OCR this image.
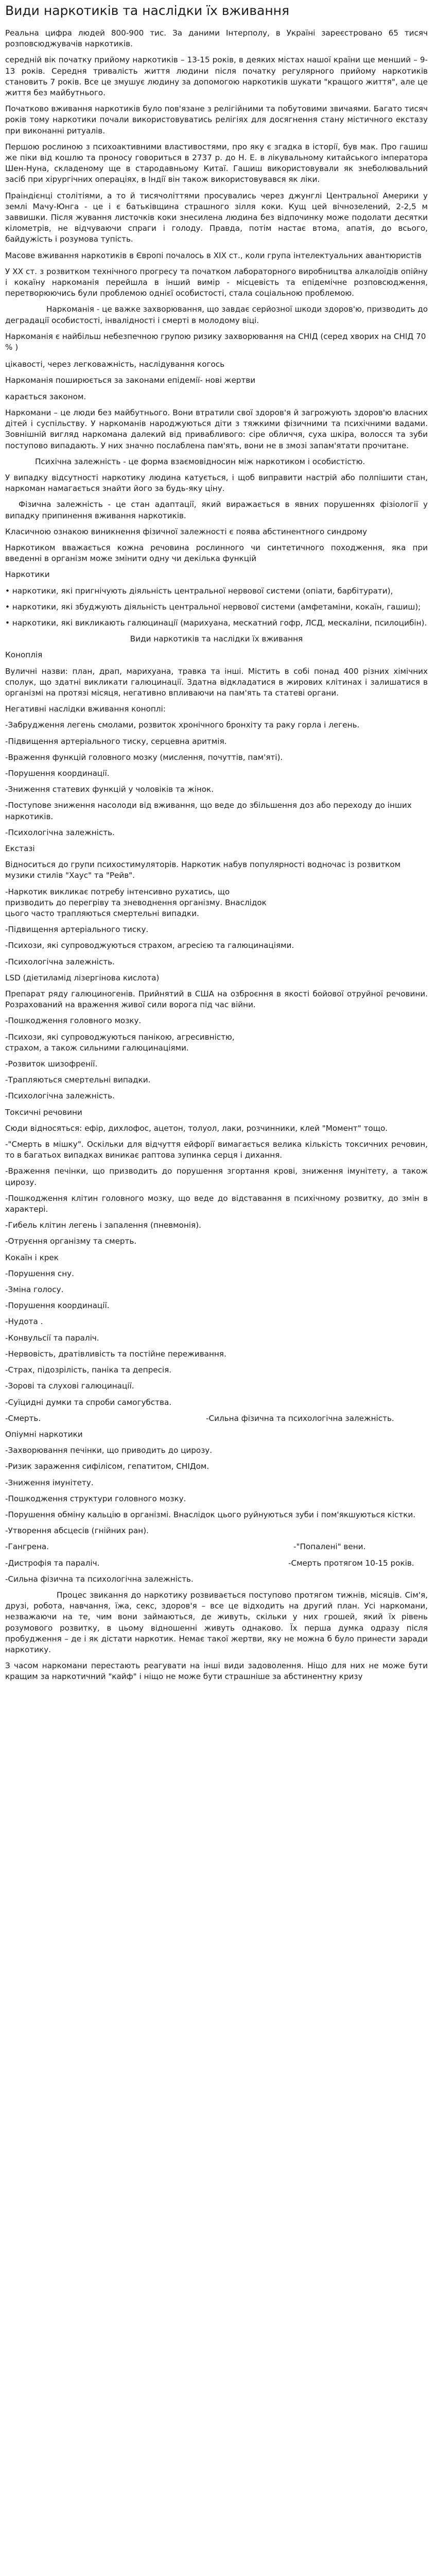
Види наркотиків та наслідки їх вживання
Реальна цифра людей 800-900 тис. За даними Інтерполу, в Україні зареєстровано 65 тисяч розповсюджувачів наркотиків.
середній вік початку прийому наркотиків – 13-15 років, в деяких містах нашої країни ще менший – 9-13 років. Середня тривалість життя людини після початку регулярного прийому наркотиків становить 7 років. Все це змушує людину за допомогою наркотиків шукати "кращого життя", але це життя без майбутнього.
Початково вживання наркотиків було пов'язане з релігійними та побутовими звичаями. Багато тисяч років тому наркотики почали використовуватись релігіях для досягнення стану містичного екстазу при виконанні ритуалів.
Першою рослиною з психоактивними властивостями, про яку є згадка в історії, був мак. Про гашиш же піки від кошлю та проносу говориться в 2737 р. до Н. Е. в лікувальному китайського імператора Шен-Нуна, складеному ще в стародавньому Китаї. Гашиш використовували як знеболювальний засіб при хірургічних операціях, в Індії він також використовувався як ліки.
Праіндієнці столітіями, а то й тисячоліттями просувались через джунглі Центральної Америки у землі Мачу-Юнга - це і є батьківщина страшного зілля коки. Кущ цей вічнозелений, 2-2,5 м заввишки. Після жування листочків коки знесилена людина без відпочинку може подолати десятки кілометрів, не відчуваючи спраги і голоду. Правда, потім настає втома, апатія, до всього, байдужість і розумова тупість.
Масове вживання наркотиків в Європі почалось в ХІХ ст., коли група інтелектуальних авантюристів
У ХХ ст. з розвитком технічного прогресу та початком лабораторного виробництва алкалоїдів опійну і кокаїну наркоманія перейшла в інший вимір - місцевість та епідемічне розповсюдження, перетворюючись були проблемою однієї особистості, стала соціальною проблемою.
Наркоманія - це важке захворювання, що завдає серйозної шкоди здоров'ю, призводить до деградації особистості, інвалідності і смерті в молодому віці.
Наркоманія є найбільш небезпечною групою ризику захворювання на СНІД (серед хворих на СНІД 70 % )
цікавості, через легковажність, наслідування когось
Наркоманія поширюється за законами епідемії- нові жертви
карається законом.
Наркомани – це люди без майбутнього. Вони втратили свої здоров'я й загрожують здоров'ю власних дітей і суспільству. У наркоманів народжуються діти з тяжкими фізичними та психічними вадами. Зовнішній вигляд наркомана далекий від привабливого: сіре обличчя, суха шкіра, волосся та зуби поступово випадають. У них значно послаблена пам'ять, вони не в змозі запам'ятати прочитане.
Психічна залежність - це форма взаємовідносин між наркотиком і особистістю.
У випадку відсутності наркотику людина катується, і щоб виправити настрій або полпішити стан, наркоман намагається знайти його за будь-яку ціну.
Фізична залежність - це стан адаптації, який виражається в явних порушеннях фізіології у випадку припинення вживання наркотиків.
Класичною ознакою виникнення фізичної залежності є поява абстинентного синдрому
Наркотиком вважається кожна речовина рослинного чи синтетичного походження, яка при введенні в організм може змінити одну чи декілька функцій
Наркотики
• наркотики, які пригнічують діяльність центральної нервової системи (опіати, барбітурати),
• наркотики, які збуджують діяльність центральної нервової системи (амфетаміни, кокаїн, гашиш);
• наркотики, які викликають галюцинації (марихуана, мескатний гофр, ЛСД, мескаліни, псилоцибін).
Види наркотиків та наслідки їх вживання
Коноплія
Вуличні назви: план, драп, марихуана, травка та інші. Містить в собі понад 400 різних хімічних сполук, що здатні викликати галюцинації. Здатна відкладатися в жирових клітинах і залишатися в організмі на протязі місяця, негативно впливаючи на пам'ять та статеві органи.
Негативні наслідки вживання коноплі:
-Забрудження легень смолами, розвиток хронічного бронхіту та раку горла і легень.
-Підвищення артеріального тиску, серцевна аритмія.
-Враження функцій головного мозку (мислення, почуттів, пам'яті).
-Порушення координації.
-Зниження статевих функцій у чоловіків та жінок.
-Поступове зниження насолоди від вживання, що веде до збільшення доз або переходу до інших наркотиків.
-Психологічна залежність.
Екстазі
Відноситься до групи психостимуляторів. Наркотик набув популярності водночас із розвитком музики стилів "Хаус" та "Рейв".
-Наркотик викликає потребу інтенсивно рухатись, що
призводить до перегріву та зневоднення організму. Внаслідок
цього часто трапляються смертельні випадки.
-Підвищення артеріального тиску.
-Психози, які супроводжуються страхом, агресією та галюцинаціями.
-Психологічна залежність.
LSD (діетиламід лізергінова кислота)
Препарат ряду галюциногенів. Прийнятий в США на озброєння в якості бойової отруйної речовини. Розрахований на враження живої сили ворога під час війни.
-Пошкодження головного мозку.
-Психози, які супроводжуються панікою, агресивністю,
страхом, а також сильними галюцинаціями.
-Розвиток шизофренії.
-Трапляються смертельні випадки.
-Психологічна залежність.
Токсичні речовини
Сюди відносяться: ефір, дихлофос, ацетон, толуол, лаки, розчинники, клей "Момент" тощо.
-"Смерть в мішку". Оскільки для відчуття ейфорії вимагається велика кількість токсичних речовин, то в багатьох випадках виникає раптова зупинка серця і дихання.
-Враження печінки, що призводить до порушення згортання крові, зниження імунітету, а також цирозу.
-Пошкодження клітин головного мозку, що веде до відставання в психічному розвитку, до змін в характері.
-Гибель клітин легень і запалення (пневмонія).
-Отруєння організму та смерть.
Кокаїн і крек
-Порушення сну.
-Зміна голосу.
-Порушення координації.
-Нудота .
-Конвульсії та параліч.
-Нервовість, дратівливість та постійне переживання.
-Страх, підозрілість, паніка та депресія.
-Зорові та слухові галюцинації.
-Суїцидні думки та спроби самогубства.
-Смерть.	-Сильна фізична та психологічна залежність.
Опіумні наркотики
-Захворювання печінки, що приводить до цирозу.
-Ризик зараження сифілісом, гепатитом, СНІДом.
-Зниження імунітету.
-Пошкодження структури головного мозку.
-Порушення обміну кальцію в організмі. Внаслідок цього руйнуються зуби і пом'якшуються кістки.
-Утворення абсцесів (гнійних ран).
-Гангрена.	-"Попалені" вени.
-Дистрофія та параліч.	-Смерть протягом 10-15 років.
-Сильна фізична та психологічна залежність.
Процес звикання до наркотику розвивається поступово протягом тижнів, місяців. Сім'я, друзі, робота, навчання, їжа, секс, здоров'я – все це відходить на другий план. Усі наркомани, незважаючи на те, чим вони займаються, де живуть, скільки у них грошей, який їх рівень розумового розвитку, в цьому відношенні живуть однаково. Їх перша думка одразу після пробудження – де і як дістати наркотик. Немає такої жертви, яку не можна б було принести заради наркотику.
З часом наркомани перестають реагувати на інші види задоволення. Ніщо для них не може бути кращим за наркотичний "кайф" і ніщо не може бути страшніше за абстинентну кризу
